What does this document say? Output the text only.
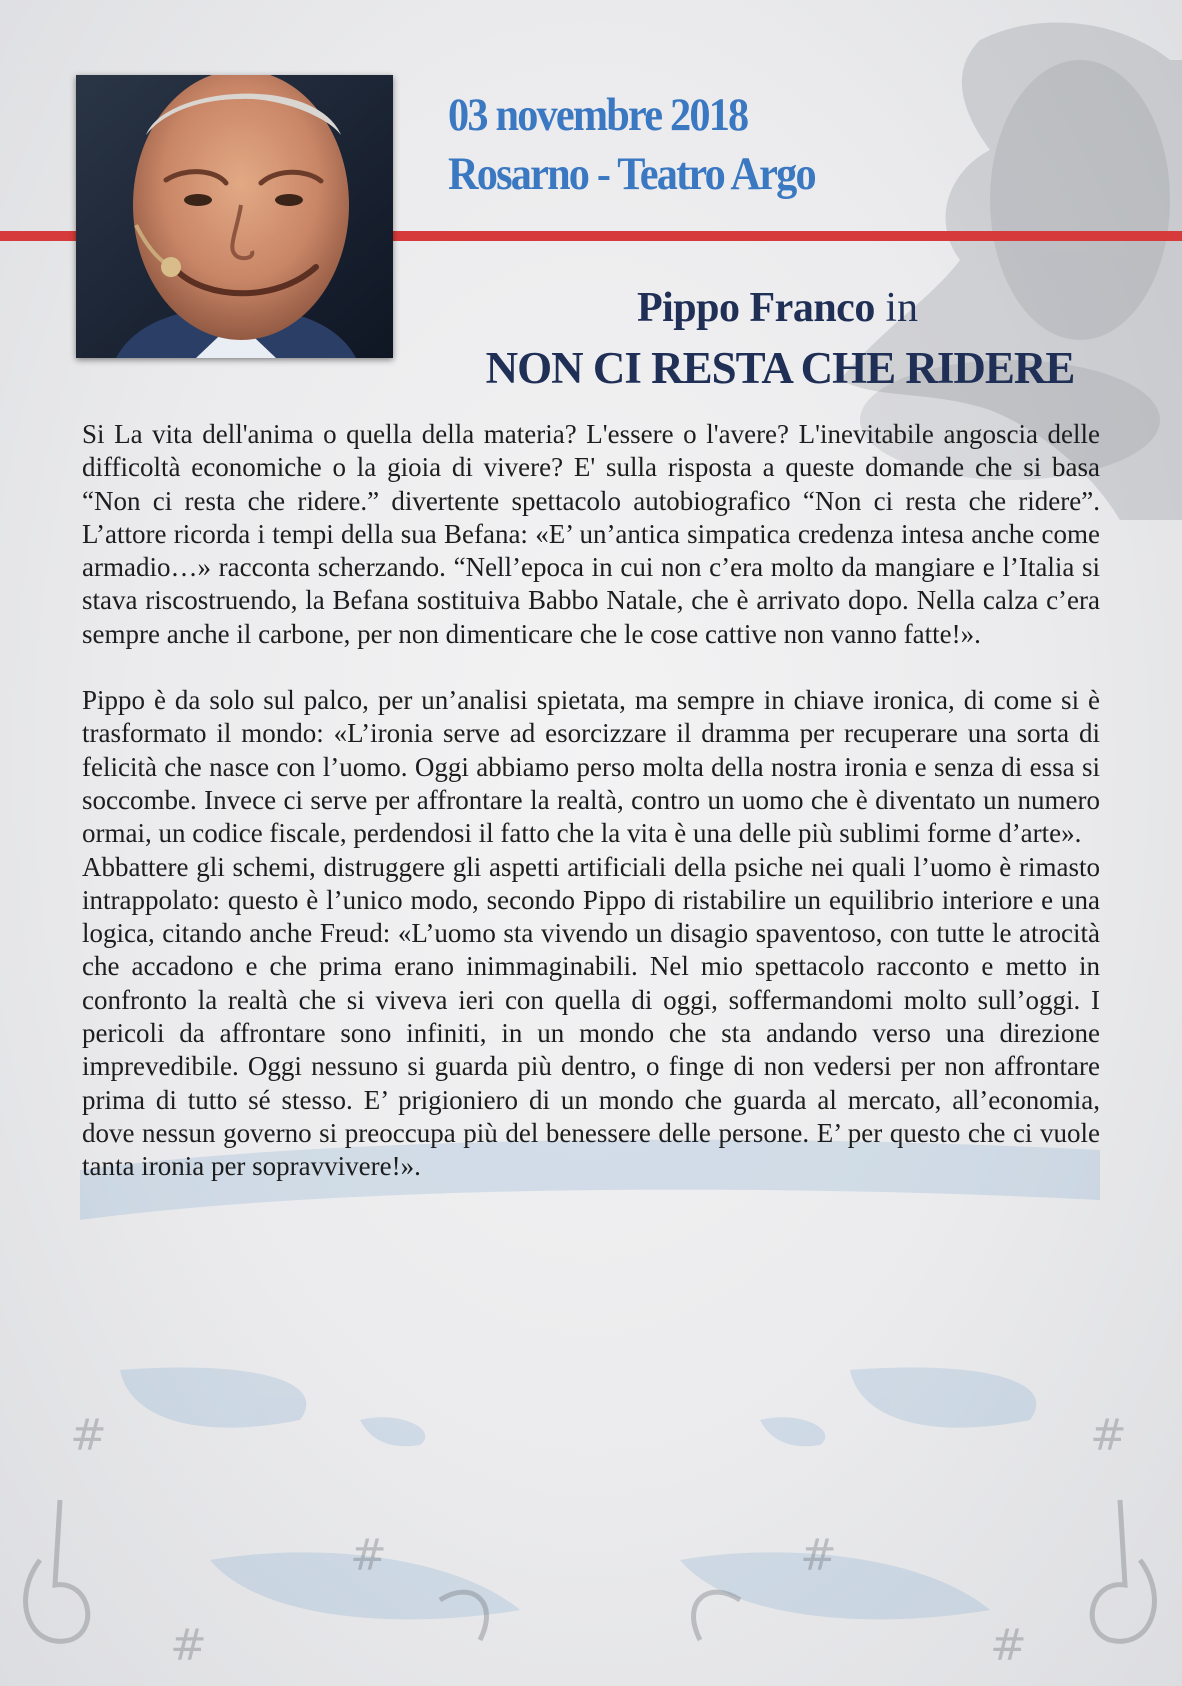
#	#
#	#
#
#
03 novembre 2018
Rosarno - Teatro Argo
Pippo Franco in
NON CI RESTA CHE RIDERE

Si La vita dell'anima o quella della materia? L'essere o l'avere? L'inevitabile angoscia delle difficoltà economiche o la gioia di vivere? E' sulla risposta a queste domande che si basa “Non ci resta che ridere.” divertente spettacolo autobiografico “Non ci resta che ridere”. L’attore ricorda i tempi della sua Befana: «E’ un’antica simpatica credenza intesa anche come armadio…» racconta scherzando. “Nell’epoca in cui non c’era molto da mangiare e l’Italia si stava riscostruendo, la Befana sostituiva Babbo Natale, che è arrivato dopo. Nella calza c’era sempre anche il carbone, per non dimenticare che le cose cattive non vanno fatte!».

Pippo è da solo sul palco, per un’analisi spietata, ma sempre in chiave ironica, di come si è trasformato il mondo: «L’ironia serve ad esorcizzare il dramma per recuperare una sorta di felicità che nasce con l’uomo. Oggi abbiamo perso molta della nostra ironia e senza di essa si soccombe. Invece ci serve per affrontare la realtà, contro un uomo che è diventato un numero ormai, un codice fiscale, perdendosi il fatto che la vita è una delle più sublimi forme d’arte».

Abbattere gli schemi, distruggere gli aspetti artificiali della psiche nei quali l’uomo è rimasto intrappolato: questo è l’unico modo, secondo Pippo di ristabilire un equilibrio interiore e una logica, citando anche Freud: «L’uomo sta vivendo un disagio spaventoso, con tutte le atrocità che accadono e che prima erano inimmaginabili. Nel mio spettacolo racconto e metto in confronto la realtà che si viveva ieri con quella di oggi, soffermandomi molto sull’oggi. I pericoli da affrontare sono infiniti, in un mondo che sta andando verso una direzione imprevedibile. Oggi nessuno si guarda più dentro, o finge di non vedersi per non affrontare prima di tutto sé stesso. E’ prigioniero di un mondo che guarda al mercato, all’economia, dove nessun governo si preoccupa più del benessere delle persone. E’ per questo che ci vuole tanta ironia per sopravvivere!».
